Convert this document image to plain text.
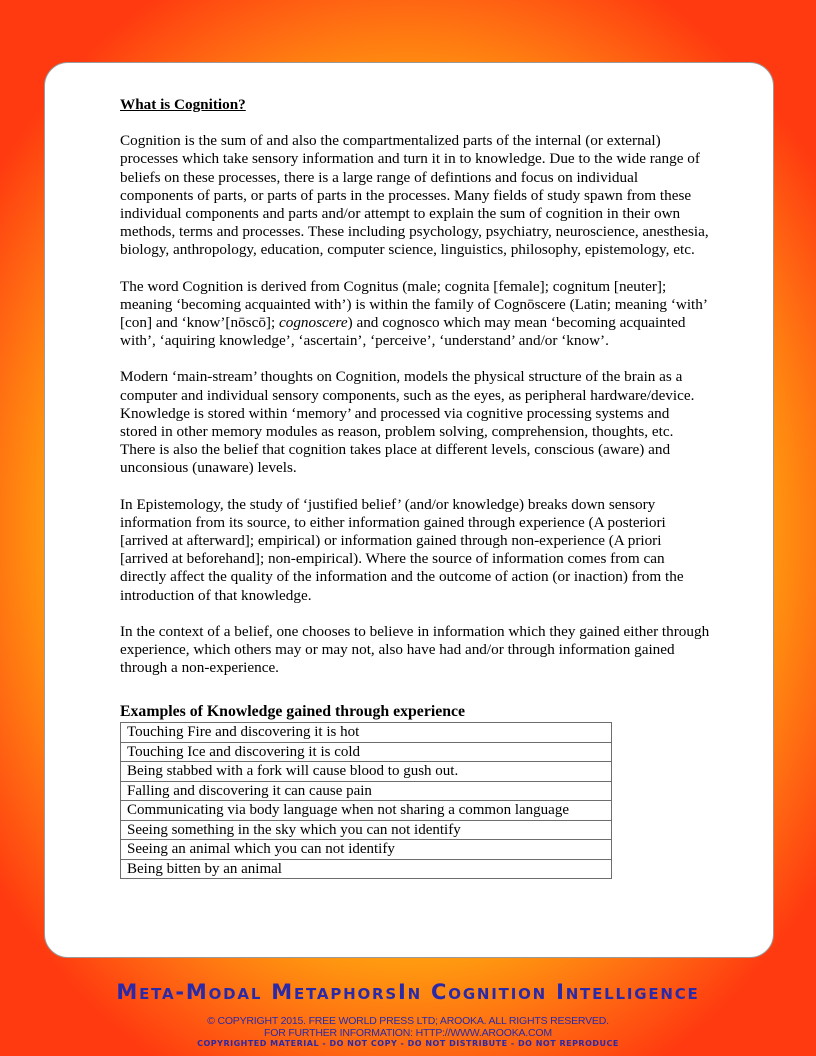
What is Cognition?

Cognition is the sum of and also the compartmentalized parts of the internal (or external) processes which take sensory information and turn it in to knowledge. Due to the wide range of beliefs on these processes, there is a large range of defintions and focus on individual components of parts, or parts of parts in the processes. Many fields of study spawn from these individual components and parts and/or attempt to explain the sum of cognition in their own methods, terms and processes. These including psychology, psychiatry, neuroscience, anesthesia, biology, anthropology, education, computer science, linguistics, philosophy, epistemology, etc.

The word Cognition is derived from Cognitus (male; cognita [female]; cognitum [neuter]; meaning ‘becoming acquainted with’) is within the family of Cognōscere (Latin; meaning ‘with’ [con] and ‘know’[nōscō]; cognoscere) and cognosco which may mean ‘becoming acquainted with’, ‘aquiring knowledge’, ‘ascertain’, ‘perceive’, ‘understand’ and/or ‘know’.

Modern ‘main-stream’ thoughts on Cognition, models the physical structure of the brain as a computer and individual sensory components, such as the eyes, as peripheral hardware/device. Knowledge is stored within ‘memory’ and processed via cognitive processing systems and stored in other memory modules as reason, problem solving, comprehension, thoughts, etc. There is also the belief that cognition takes place at different levels, conscious (aware) and unconsious (unaware) levels.

In Epistemology, the study of ‘justified belief’ (and/or knowledge) breaks down sensory information from its source, to either information gained through experience (A posteriori [arrived at afterward]; empirical) or information gained through non-experience (A priori [arrived at beforehand]; non-empirical). Where the source of information comes from can directly affect the quality of the information and the outcome of action (or inaction) from the introduction of that knowledge.

In the context of a belief, one chooses to believe in information which they gained either through experience, which others may or may not, also have had and/or through information gained through a non-experience.

Examples of Knowledge gained through experience
Touching Fire and discovering it is hot
Touching Ice and discovering it is cold
Being stabbed with a fork will cause blood to gush out.
Falling and discovering it can cause pain
Communicating via body language when not sharing a common language
Seeing something in the sky which you can not identify
Seeing an animal which you can not identify
Being bitten by an animal
Meta-Modal MetaphorsIn Cognition Intelligence
© COPYRIGHT 2015. FREE WORLD PRESS LTD; AROOKA. ALL RIGHTS RESERVED.
FOR FURTHER INFORMATION: HTTP://WWW.AROOKA.COM
COPYRIGHTED MATERIAL - DO NOT COPY - DO NOT DISTRIBUTE - DO NOT REPRODUCE
